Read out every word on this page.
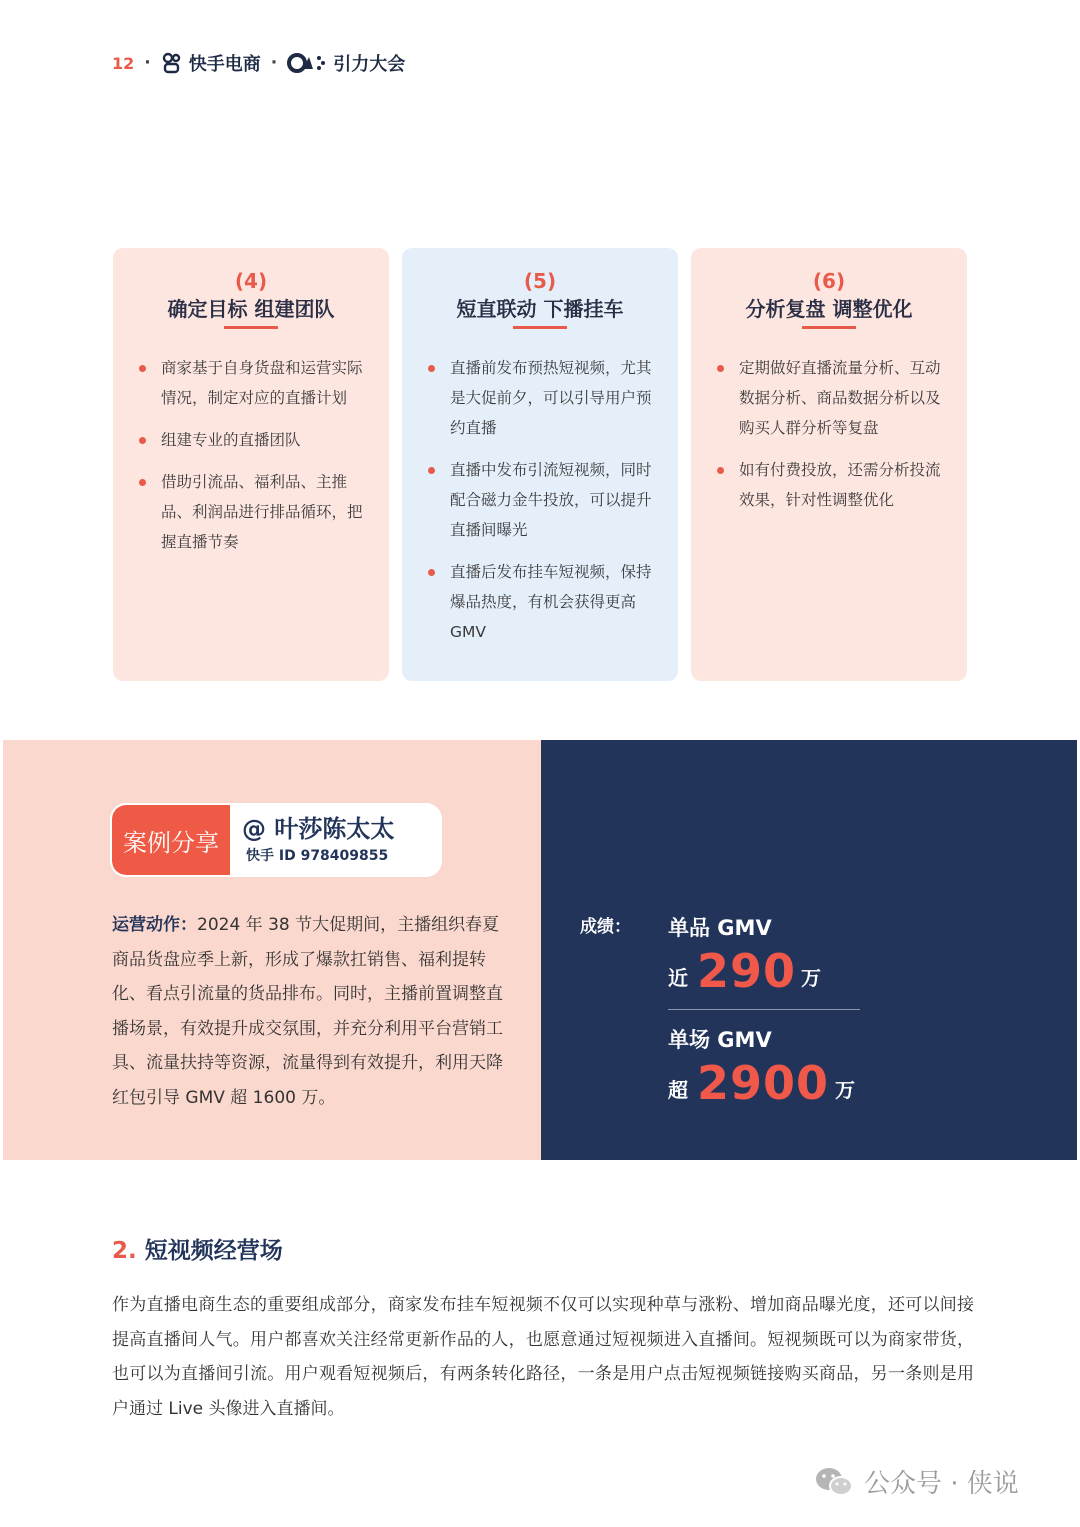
12 · 快手电商 ·	引力大会
(4)
确定目标 组建团队
商家基于自身货盘和运营实际情况，制定对应的直播计划
组建专业的直播团队
借助引流品、福利品、主推品、利润品进行排品循环，把握直播节奏
(5)
短直联动 下播挂车
直播前发布预热短视频，尤其是大促前夕，可以引导用户预约直播
直播中发布引流短视频，同时配合磁力金牛投放，可以提升直播间曝光
直播后发布挂车短视频，保持爆品热度，有机会获得更高 GMV
(6)
分析复盘 调整优化
定期做好直播流量分析、互动数据分析、商品数据分析以及购买人群分析等复盘
如有付费投放，还需分析投流效果，针对性调整优化
案例分享 @ 叶莎陈太太
快手 ID 978409855
运营动作：2024 年 38 节大促期间，主播组织春夏商品货盘应季上新，形成了爆款扛销售、福利提转化、看点引流量的货品排布。同时，主播前置调整直播场景，有效提升成交氛围，并充分利用平台营销工具、流量扶持等资源，流量得到有效提升，利用天降红包引导 GMV 超 1600 万。
成绩： 单品 GMV
近 290 万
单场 GMV
超 2900 万
2. 短视频经营场
作为直播电商生态的重要组成部分，商家发布挂车短视频不仅可以实现种草与涨粉、增加商品曝光度，还可以间接提高直播间人气。用户都喜欢关注经常更新作品的人，也愿意通过短视频进入直播间。短视频既可以为商家带货，也可以为直播间引流。用户观看短视频后，有两条转化路径，一条是用户点击短视频链接购买商品，另一条则是用户通过 Live 头像进入直播间。
公众号 · 侠说
